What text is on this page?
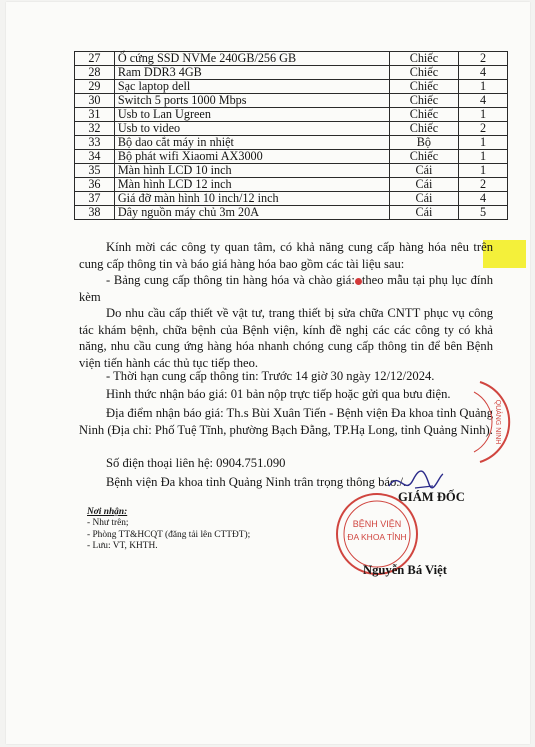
27	Ổ cứng SSD NVMe 240GB/256 GB	Chiếc	2
28	Ram DDR3 4GB	Chiếc	4
29	Sạc laptop dell	Chiếc	1
30	Switch 5 ports 1000 Mbps	Chiếc	4
31	Usb to Lan Ugreen	Chiếc	1
32	Usb to video	Chiếc	2
33	Bộ dao cắt máy in nhiệt	Bộ	1
34	Bộ phát wifi Xiaomi AX3000	Chiếc	1
35	Màn hình LCD 10 inch	Cái	1
36	Màn hình LCD 12 inch	Cái	2
37	Giá đỡ màn hình 10 inch/12 inch	Cái	4
38	Dây nguồn máy chủ 3m 20A	Cái	5
Kính mời các công ty quan tâm, có khả năng cung cấp hàng hóa nêu trên cung cấp thông tin và báo giá hàng hóa bao gồm các tài liệu sau:
- Bảng cung cấp thông tin hàng hóa và chào giá: theo mẫu tại phụ lục đính kèm
Do nhu cầu cấp thiết về vật tư, trang thiết bị sửa chữa CNTT phục vụ công tác khám bệnh, chữa bệnh của Bệnh viện, kính đề nghị các các công ty có khả năng, nhu cầu cung ứng hàng hóa nhanh chóng cung cấp thông tin để bên Bệnh viện tiến hành các thủ tục tiếp theo.
- Thời hạn cung cấp thông tin: Trước 14 giờ 30 ngày 12/12/2024.
Hình thức nhận báo giá: 01 bản nộp trực tiếp hoặc gửi qua bưu điện.
Địa điểm nhận báo giá: Th.s Bùi Xuân Tiến - Bệnh viện Đa khoa tỉnh Quảng Ninh (Địa chỉ: Phố Tuệ Tĩnh, phường Bạch Đằng, TP.Hạ Long, tỉnh Quảng Ninh).
Số điện thoại liên hệ: 0904.751.090
Bệnh viện Đa khoa tỉnh Quảng Ninh trân trọng thông báo./.
Nơi nhận:
- Như trên;
- Phòng TT&HCQT (đăng tải lên CTTĐT);
- Lưu: VT, KHTH.
GIÁM ĐỐC
BỆNH VIỆN
ĐA KHOA TỈNH
QUẢNG NINH
Nguyễn Bá Việt
